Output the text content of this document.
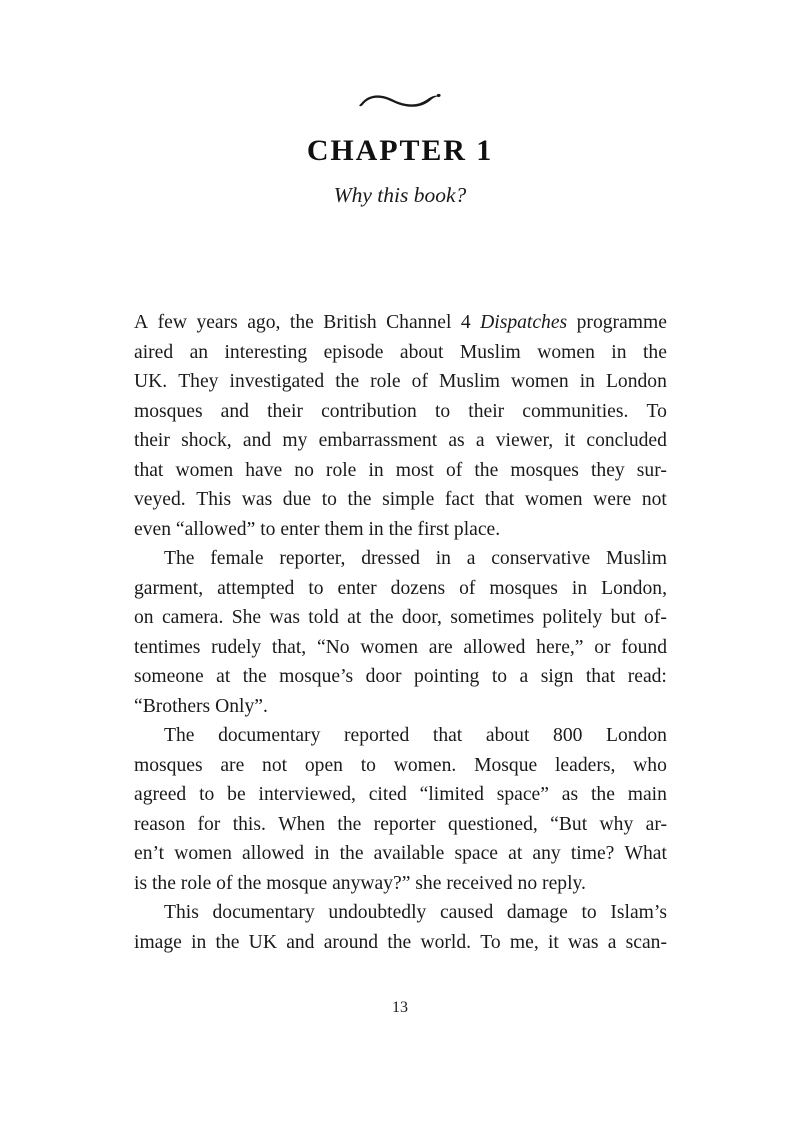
CHAPTER 1

Why this book?

A few years ago, the British Channel 4 Dispatches programme
aired an interesting episode about Muslim women in the
UK. They investigated the role of Muslim women in London
mosques and their contribution to their communities. To
their shock, and my embarrassment as a viewer, it concluded
that women have no role in most of the mosques they sur-
veyed. This was due to the simple fact that women were not
even “allowed” to enter them in the first place.

The female reporter, dressed in a conservative Muslim
garment, attempted to enter dozens of mosques in London,
on camera. She was told at the door, sometimes politely but of-
tentimes rudely that, “No women are allowed here,” or found
someone at the mosque’s door pointing to a sign that read:
“Brothers Only”.

The documentary reported that about 800 London
mosques are not open to women. Mosque leaders, who
agreed to be interviewed, cited “limited space” as the main
reason for this. When the reporter questioned, “But why ar-
en’t women allowed in the available space at any time? What
is the role of the mosque anyway?” she received no reply.

This documentary undoubtedly caused damage to Islam’s
image in the UK and around the world. To me, it was a scan-

13
